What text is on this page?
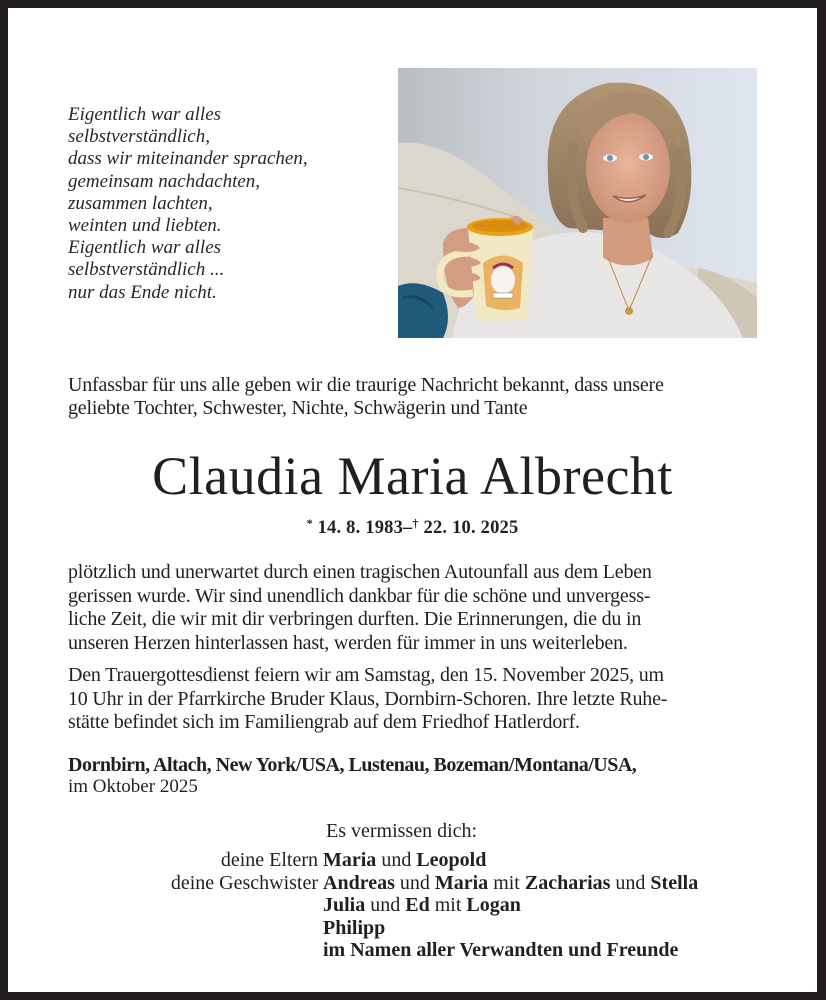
Eigentlich war alles
selbstverständlich,
dass wir miteinander sprachen,
gemeinsam nachdachten,
zusammen lachten,
weinten und liebten.
Eigentlich war alles
selbstverständlich ...
nur das Ende nicht.
Unfassbar für uns alle geben wir die traurige Nachricht bekannt, dass unsere
geliebte Tochter, Schwester, Nichte, Schwägerin und Tante
Claudia Maria Albrecht
* 14. 8. 1983–† 22. 10. 2025
plötzlich und unerwartet durch einen tragischen Autounfall aus dem Leben
gerissen wurde. Wir sind unendlich dankbar für die schöne und unvergess-
liche Zeit, die wir mit dir verbringen durften. Die Erinnerungen, die du in
unseren Herzen hinterlassen hast, werden für immer in uns weiterleben.
Den Trauergottesdienst feiern wir am Samstag, den 15. November 2025, um
10 Uhr in der Pfarrkirche Bruder Klaus, Dornbirn-Schoren. Ihre letzte Ruhe-
stätte befindet sich im Familiengrab auf dem Friedhof Hatlerdorf.
Dornbirn, Altach, New York/USA, Lustenau, Bozeman/Montana/USA,
im Oktober 2025
Es vermissen dich:
deine Eltern Maria und Leopold
deine Geschwister Andreas und Maria mit Zacharias und Stella
Julia und Ed mit Logan
Philipp
im Namen aller Verwandten und Freunde
